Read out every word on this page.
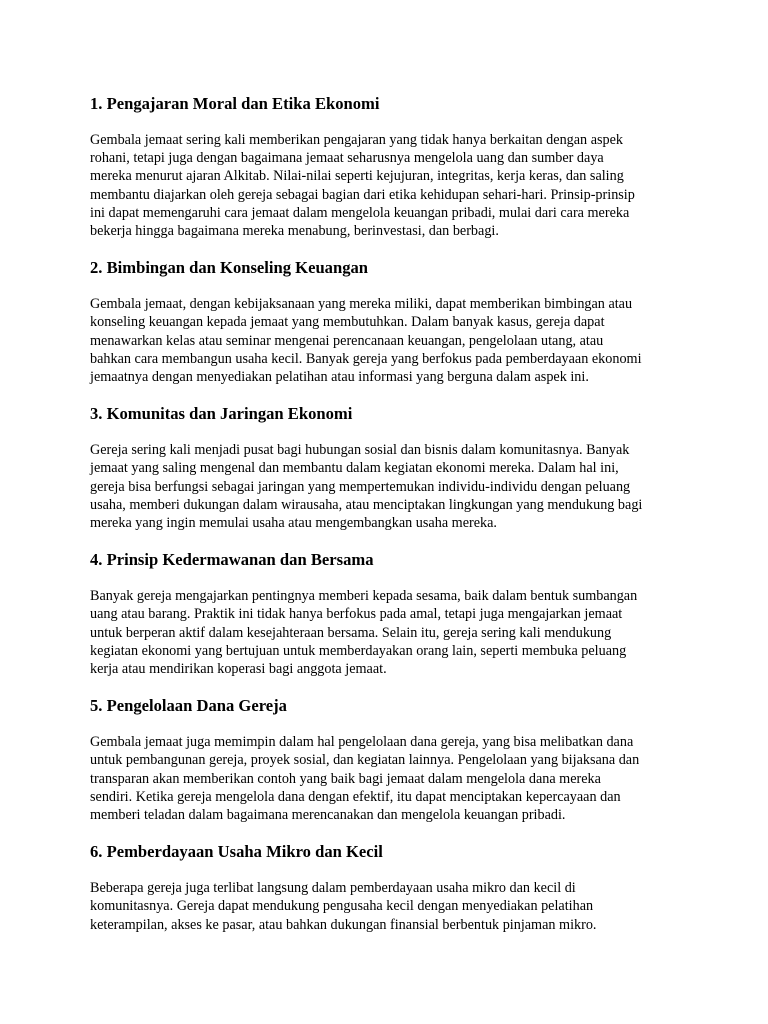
1. Pengajaran Moral dan Etika Ekonomi

Gembala jemaat sering kali memberikan pengajaran yang tidak hanya berkaitan dengan aspek
rohani, tetapi juga dengan bagaimana jemaat seharusnya mengelola uang dan sumber daya
mereka menurut ajaran Alkitab. Nilai-nilai seperti kejujuran, integritas, kerja keras, dan saling
membantu diajarkan oleh gereja sebagai bagian dari etika kehidupan sehari-hari. Prinsip-prinsip
ini dapat memengaruhi cara jemaat dalam mengelola keuangan pribadi, mulai dari cara mereka
bekerja hingga bagaimana mereka menabung, berinvestasi, dan berbagi.

2. Bimbingan dan Konseling Keuangan

Gembala jemaat, dengan kebijaksanaan yang mereka miliki, dapat memberikan bimbingan atau
konseling keuangan kepada jemaat yang membutuhkan. Dalam banyak kasus, gereja dapat
menawarkan kelas atau seminar mengenai perencanaan keuangan, pengelolaan utang, atau
bahkan cara membangun usaha kecil. Banyak gereja yang berfokus pada pemberdayaan ekonomi
jemaatnya dengan menyediakan pelatihan atau informasi yang berguna dalam aspek ini.

3. Komunitas dan Jaringan Ekonomi

Gereja sering kali menjadi pusat bagi hubungan sosial dan bisnis dalam komunitasnya. Banyak
jemaat yang saling mengenal dan membantu dalam kegiatan ekonomi mereka. Dalam hal ini,
gereja bisa berfungsi sebagai jaringan yang mempertemukan individu-individu dengan peluang
usaha, memberi dukungan dalam wirausaha, atau menciptakan lingkungan yang mendukung bagi
mereka yang ingin memulai usaha atau mengembangkan usaha mereka.

4. Prinsip Kedermawanan dan Bersama

Banyak gereja mengajarkan pentingnya memberi kepada sesama, baik dalam bentuk sumbangan
uang atau barang. Praktik ini tidak hanya berfokus pada amal, tetapi juga mengajarkan jemaat
untuk berperan aktif dalam kesejahteraan bersama. Selain itu, gereja sering kali mendukung
kegiatan ekonomi yang bertujuan untuk memberdayakan orang lain, seperti membuka peluang
kerja atau mendirikan koperasi bagi anggota jemaat.

5. Pengelolaan Dana Gereja

Gembala jemaat juga memimpin dalam hal pengelolaan dana gereja, yang bisa melibatkan dana
untuk pembangunan gereja, proyek sosial, dan kegiatan lainnya. Pengelolaan yang bijaksana dan
transparan akan memberikan contoh yang baik bagi jemaat dalam mengelola dana mereka
sendiri. Ketika gereja mengelola dana dengan efektif, itu dapat menciptakan kepercayaan dan
memberi teladan dalam bagaimana merencanakan dan mengelola keuangan pribadi.

6. Pemberdayaan Usaha Mikro dan Kecil

Beberapa gereja juga terlibat langsung dalam pemberdayaan usaha mikro dan kecil di
komunitasnya. Gereja dapat mendukung pengusaha kecil dengan menyediakan pelatihan
keterampilan, akses ke pasar, atau bahkan dukungan finansial berbentuk pinjaman mikro.
